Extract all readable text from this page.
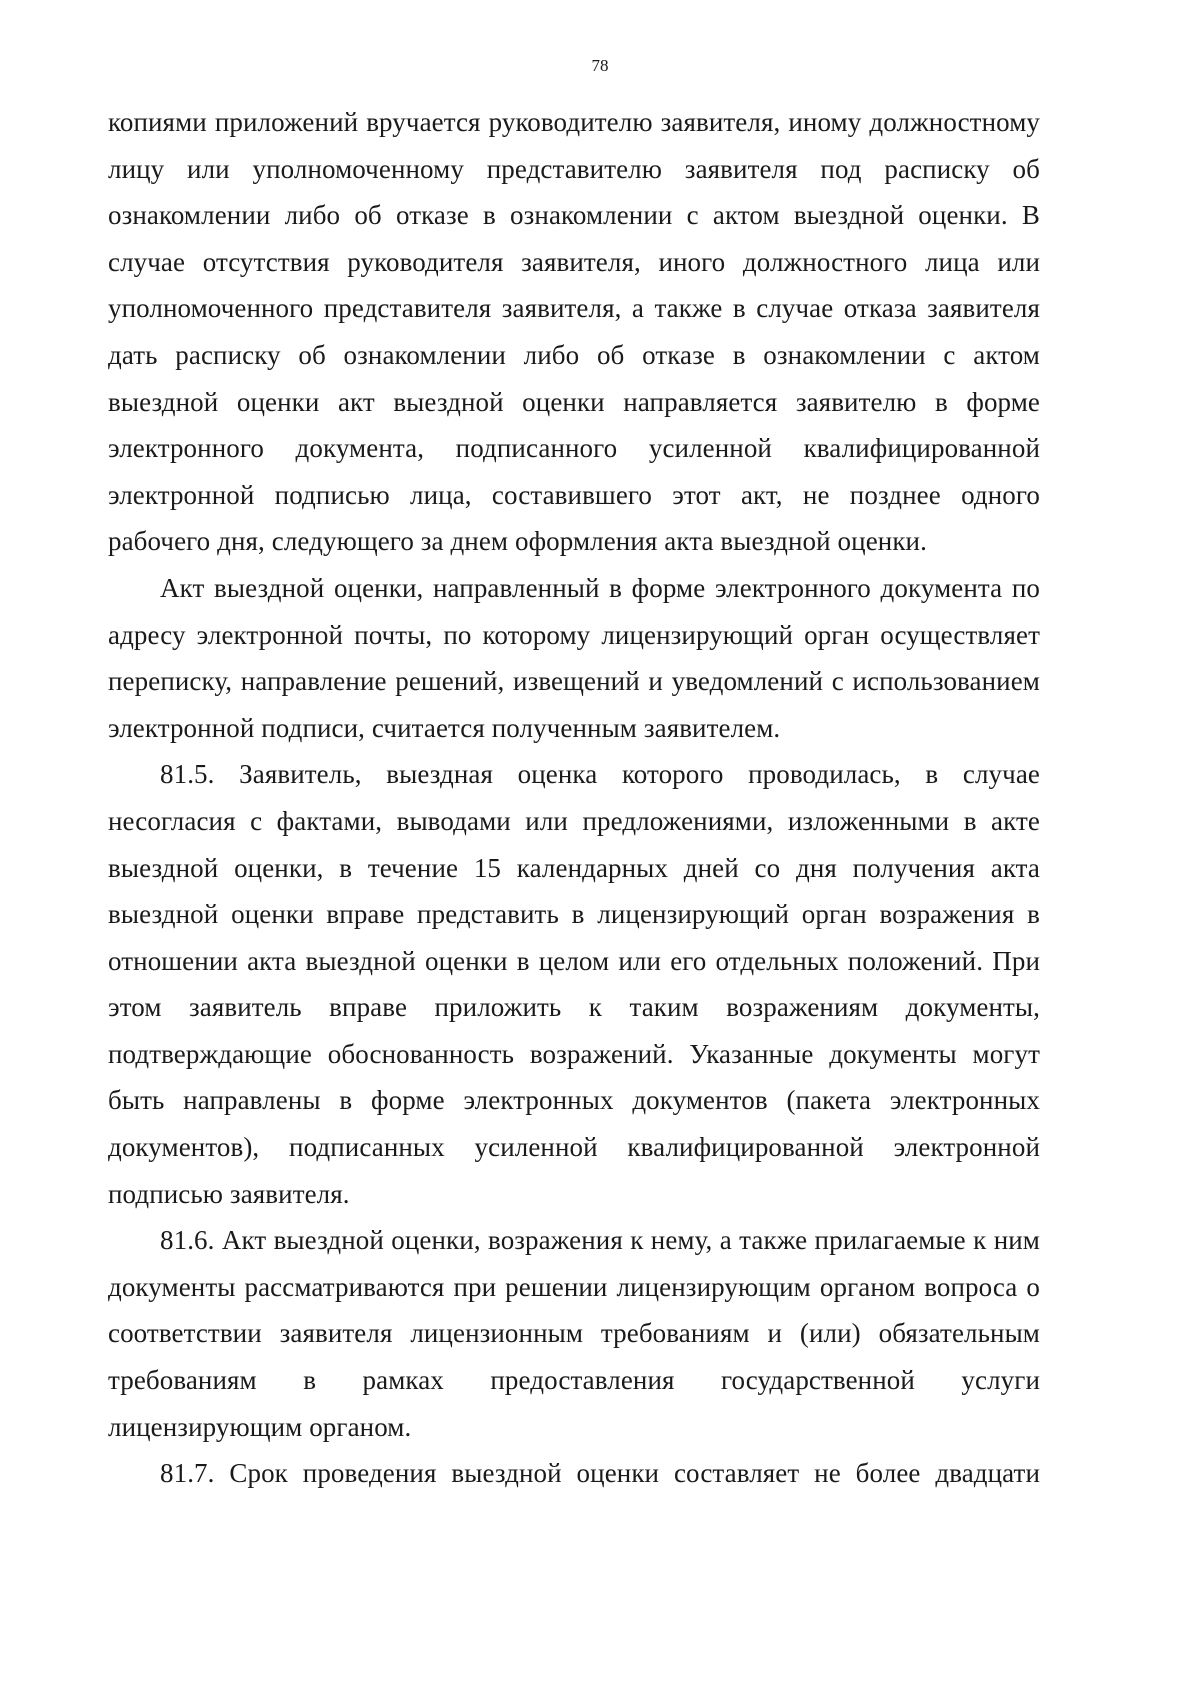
78

копиями приложений вручается руководителю заявителя, иному должностному лицу или уполномоченному представителю заявителя под расписку об ознакомлении либо об отказе в ознакомлении с актом выездной оценки. В случае отсутствия руководителя заявителя, иного должностного лица или уполномоченного представителя заявителя, а также в случае отказа заявителя дать расписку об ознакомлении либо об отказе в ознакомлении с актом выездной оценки акт выездной оценки направляется заявителю в форме электронного документа, подписанного усиленной квалифицированной электронной подписью лица, составившего этот акт, не позднее одного рабочего дня, следующего за днем оформления акта выездной оценки.

Акт выездной оценки, направленный в форме электронного документа по адресу электронной почты, по которому лицензирующий орган осуществляет переписку, направление решений, извещений и уведомлений с использованием электронной подписи, считается полученным заявителем.

81.5. Заявитель, выездная оценка которого проводилась, в случае несогласия с фактами, выводами или предложениями, изложенными в акте выездной оценки, в течение 15 календарных дней со дня получения акта выездной оценки вправе представить в лицензирующий орган возражения в отношении акта выездной оценки в целом или его отдельных положений. При этом заявитель вправе приложить к таким возражениям документы, подтверждающие обоснованность возражений. Указанные документы могут быть направлены в форме электронных документов (пакета электронных документов), подписанных усиленной квалифицированной электронной подписью заявителя.

81.6. Акт выездной оценки, возражения к нему, а также прилагаемые к ним документы рассматриваются при решении лицензирующим органом вопроса о соответствии заявителя лицензионным требованиям и (или) обязательным требованиям в рамках предоставления государственной услуги лицензирующим органом.

81.7. Срок проведения выездной оценки составляет не более двадцати
